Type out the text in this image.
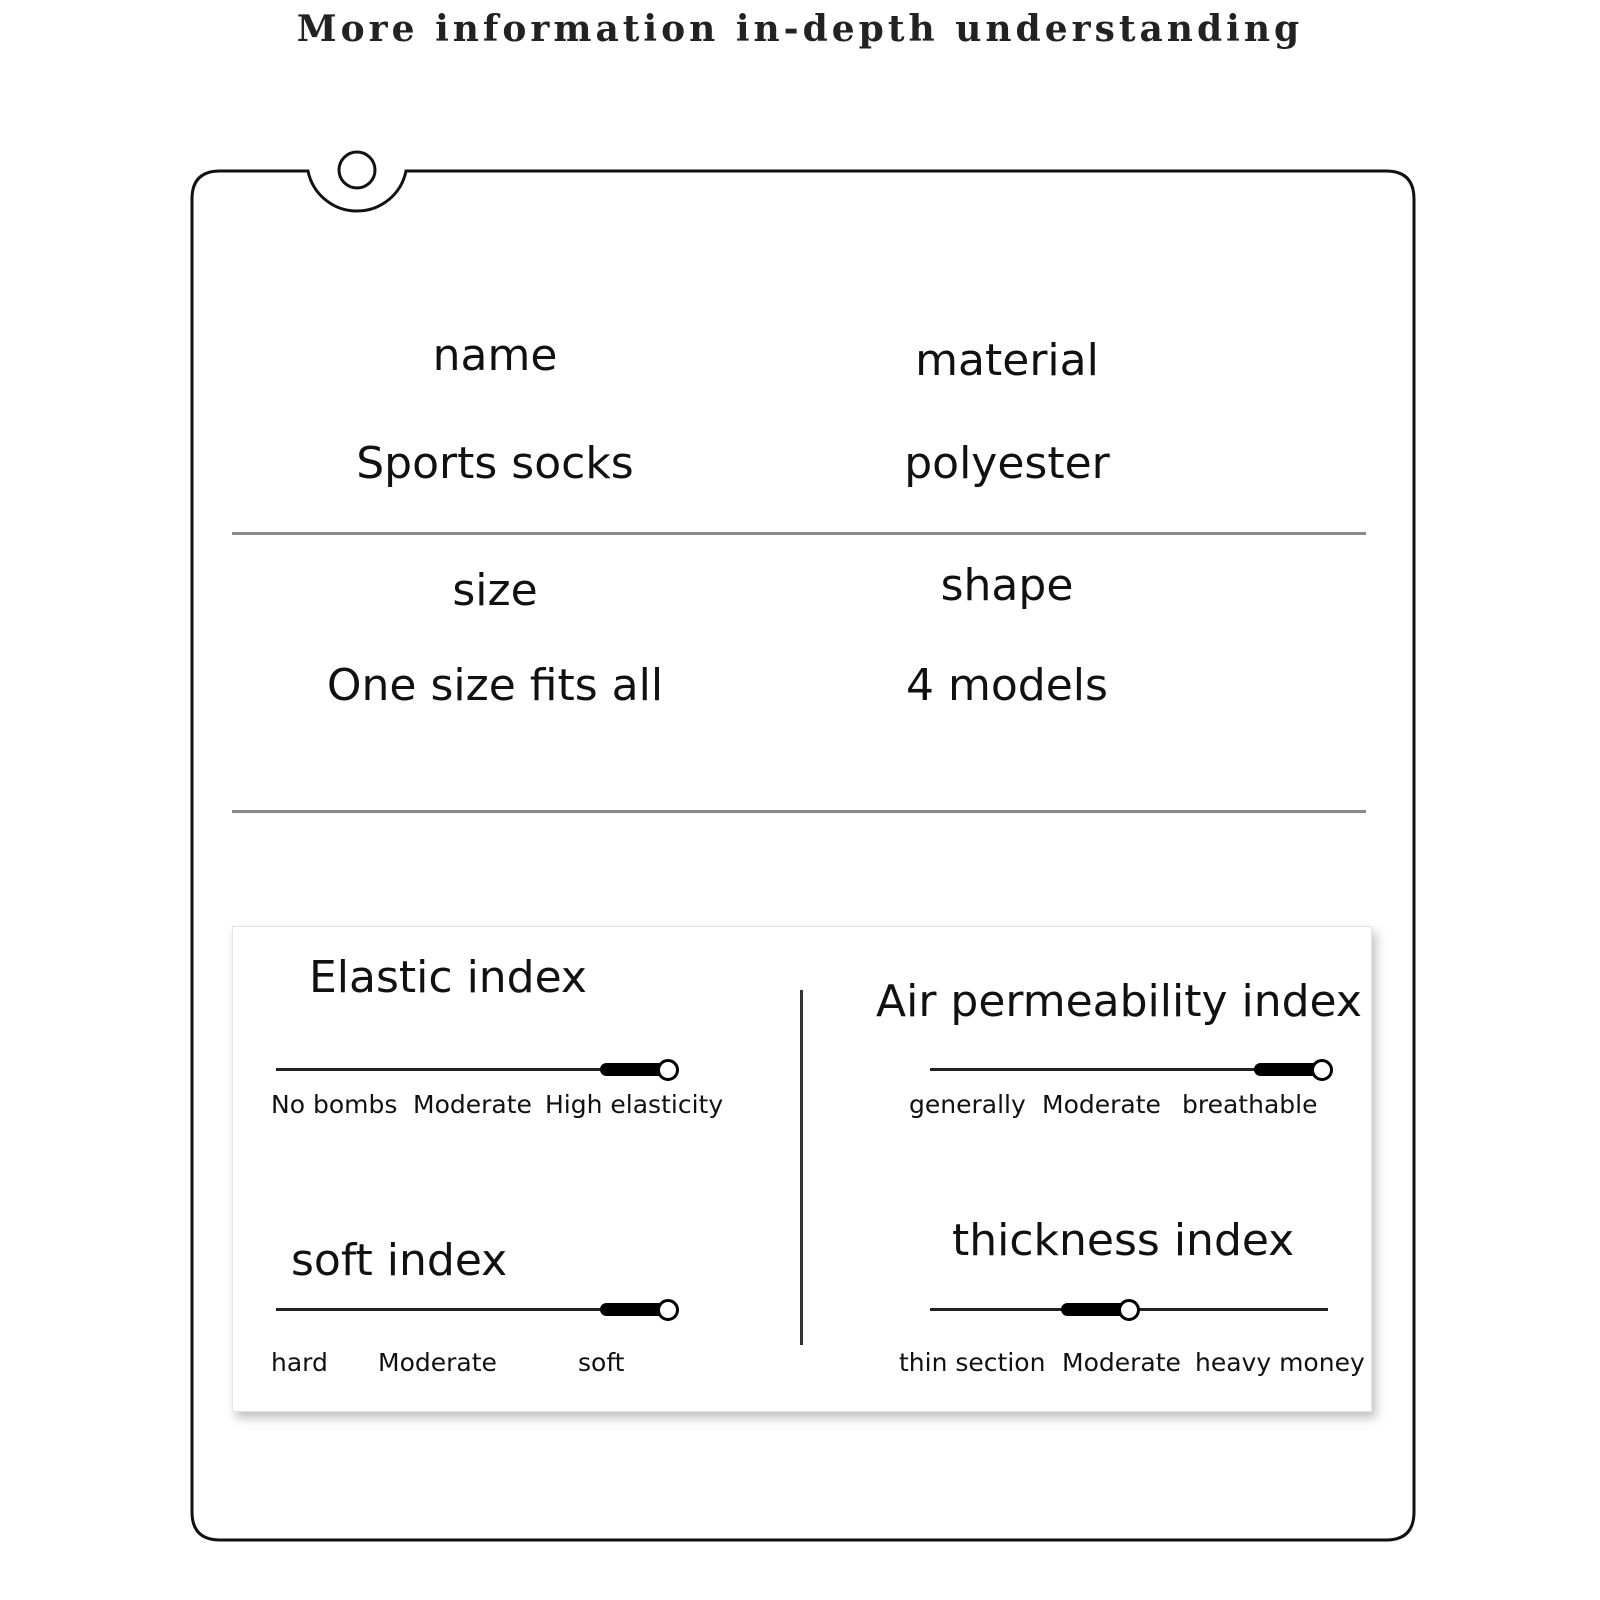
More information in-depth understanding
name
Sports socks
material
polyester
size
One size fits all
shape
4 models
Elastic index
No bombs Moderate High elasticity
Air permeability index
generally Moderate breathable
soft index
hard Moderate	soft
thickness index
thin section Moderate heavy money
